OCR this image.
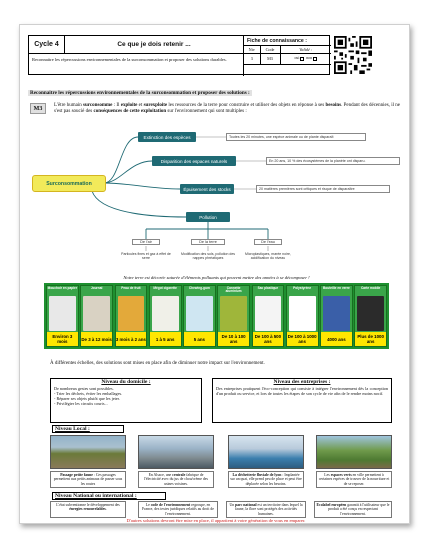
Cycle 4	Ce que je dois retenir ...
Reconnaitre les répercussions environnementales de la surconsommation et proposer des solutions durables.
Fiche de connaissance :
Niv	Code	Validé :
3	M3	oui non
Reconnaitre les répercussions environnementales de la surconsommation et proposer des solutions :
M3	L'être humain surconsomme : Il exploite et surexploite les ressources de la terre pour construire et utiliser des objets en réponse à ses besoins. Pendant des décennies, il ne s'est pas soucié des conséquences de cette exploitation sur l'environnement qui sont multiples :
Surconsommation
Extinction des espèces	Toutes les 20 minutes, une espèce animale ou de plante disparaît
Disparition des espaces naturels	En 20 ans, 10 % des écosystèmes de la planète ont disparu.
Épuisement des stocks	20 matières premières sont critiques et risque de disparaître
Pollution
De l'air	De la terre	De l'eau
Particules fines et gaz à effet de serre
Modification des sols, pollution des nappes phréatiques
Microplastiques, marée noire, acidification du niveau
Notre terre est décorée saturée d'éléments polluants qui peuvent mettre des années à se décomposer !
Mouchoir en papier
Environ 3 mois
Journal
De 3 à 12 mois
Peau de fruit
3 mois à 2 ans
Mégot cigarette
1 à 5 ans
Chewing-gum
5 ans
Cannette aluminium
De 10 à 100 ans
Sac plastique
De 100 à 500 ans
Polystyrène
De 100 à 1000 ans
Bouteille en verre
4000 ans
Carte mobile
Plus de 1000 ans
À différentes échelles, des solutions sont mises en place afin de diminuer notre impact sur l'environnement.
Niveau du domicile :
De nombreux gestes sont possibles.
- Trier les déchets, éviter les emballages.
- Réparer ses objets plutôt que les jeter.
- Privilégier les circuits courts...
Niveau des entreprises :
Des entreprises pratiquent l'éco-conception qui consiste à intégrer l'environnement dès la conception d'un produit ou service, et lors de toutes les étapes de son cycle de vie afin de le rendre moins nocif.
Niveau Local :
Passage petite faune : Ces passages permettent aux petits animaux de passer sous les routes
En Alsace, une centrale fabrique de l'électricité avec du jus de chou/crème des usines voisines.
La déchetterie fluviale de lyon : Implantée sur un quai, elle prend peu de place et peut être déplacée selon les besoins.
Les espaces verts en ville permettent à certaines espèces de trouver de la nourriture et de se reposer.
Niveau National ou international :
L'état subventionne le développement des énergies renouvelables.
Le code de l'environnement regroupe, en France, des textes juridiques relatifs au droit de l'environnement.
Un parc national est un territoire dans lequel la faune, la flore sont protégés des activités humaines.
Ecolabel européen garantit à l'utilisateur que le produit a été conçu en respectant l'environnement.
D'autres solutions devront être mise en place, il appartient à votre génération de vous en emparer.
